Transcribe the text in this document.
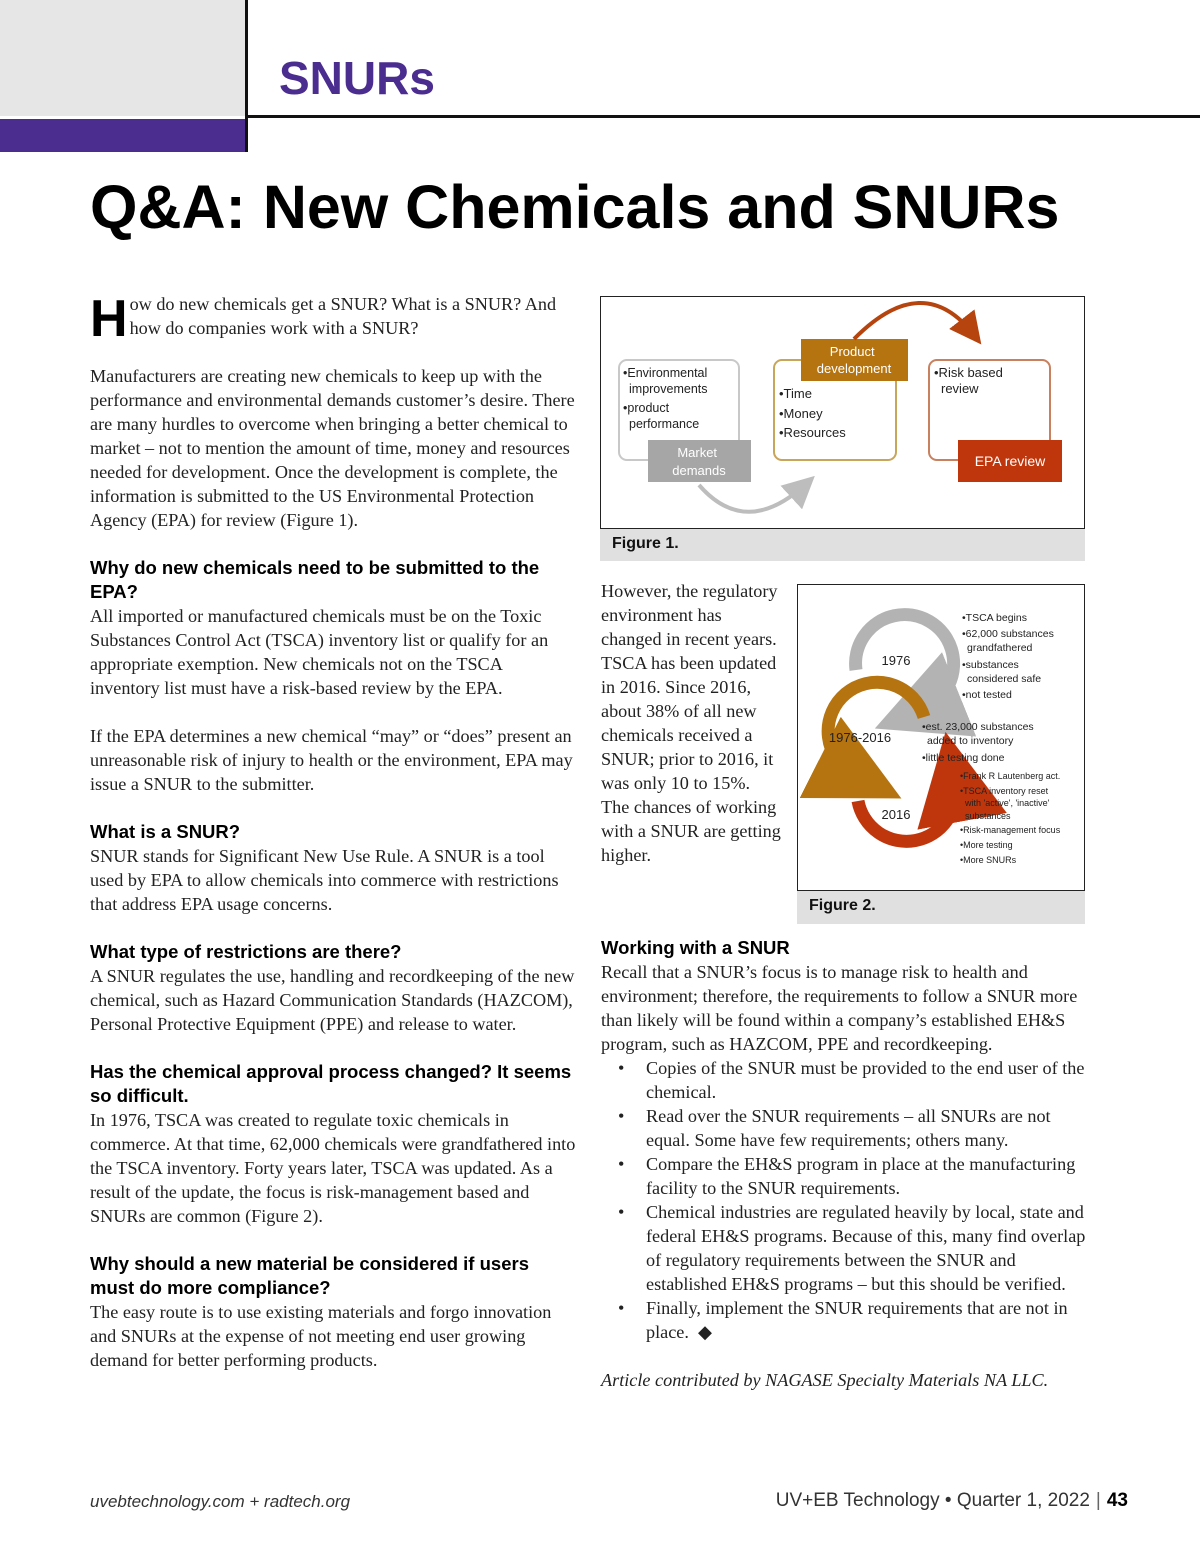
SNURs
Q&A: New Chemicals and SNURs

How do new chemicals get a SNUR? What is a SNUR? And how do companies work with a SNUR?

Manufacturers are creating new chemicals to keep up with the performance and environmental demands customer’s desire. There are many hurdles to overcome when bringing a better chemical to market – not to mention the amount of time, money and resources needed for development. Once the development is complete, the information is submitted to the US Environmental Protection Agency (EPA) for review (Figure 1).

Why do new chemicals need to be submitted to the EPA?

All imported or manufactured chemicals must be on the Toxic Substances Control Act (TSCA) inventory list or qualify for an appropriate exemption. New chemicals not on the TSCA inventory list must have a risk-based review by the EPA.

If the EPA determines a new chemical “may” or “does” present an unreasonable risk of injury to health or the environment, EPA may issue a SNUR to the submitter.

What is a SNUR?

SNUR stands for Significant New Use Rule. A SNUR is a tool used by EPA to allow chemicals into commerce with restrictions that address EPA usage concerns.

What type of restrictions are there?

A SNUR regulates the use, handling and recordkeeping of the new chemical, such as Hazard Communication Standards (HAZCOM), Personal Protective Equipment (PPE) and release to water.

Has the chemical approval process changed? It seems so difficult.

In 1976, TSCA was created to regulate toxic chemicals in commerce. At that time, 62,000 chemicals were grandfathered into the TSCA inventory. Forty years later, TSCA was updated. As a result of the update, the focus is risk-management based and SNURs are common (Figure 2).

Why should a new material be considered if users must do more compliance?

The easy route is to use existing materials and forgo innovation and SNURs at the expense of not meeting end user growing demand for better performing products.

•Environmental improvements •product performance
Market demands
Product development
•Time •Money •Resources
•Risk based review
EPA review
Figure 1.

However, the regulatory environment has changed in recent years. TSCA has been updated in 2016. Since 2016, about 38% of all new chemicals received a SNUR; prior to 2016, it was only 10 to 15%. The chances of working with a SNUR are getting higher.

1976
1976-2016
2016
•TSCA begins •62,000 substances grandfathered •substances considered safe •not tested
•est. 23,000 substances added to inventory •little testing done
•Frank R Lautenberg act. •TSCA inventory reset with 'active', 'inactive' substances •Risk-management focus •More testing •More SNURs
Figure 2.
Working with a SNUR

Recall that a SNUR’s focus is to manage risk to health and environment; therefore, the requirements to follow a SNUR more than likely will be found within a company’s established EH&S program, such as HAZCOM, PPE and recordkeeping.

• Copies of the SNUR must be provided to the end user of the chemical.
• Read over the SNUR requirements – all SNURs are not equal. Some have few requirements; others many.
• Compare the EH&S program in place at the manufacturing facility to the SNUR requirements.
• Chemical industries are regulated heavily by local, state and federal EH&S programs. Because of this, many find overlap of regulatory requirements between the SNUR and established EH&S programs – but this should be verified.
• Finally, implement the SNUR requirements that are not in place. ◆

Article contributed by NAGASE Specialty Materials NA LLC.

uvebtechnology.com + radtech.org	UV+EB Technology • Quarter 1, 2022 | 43
